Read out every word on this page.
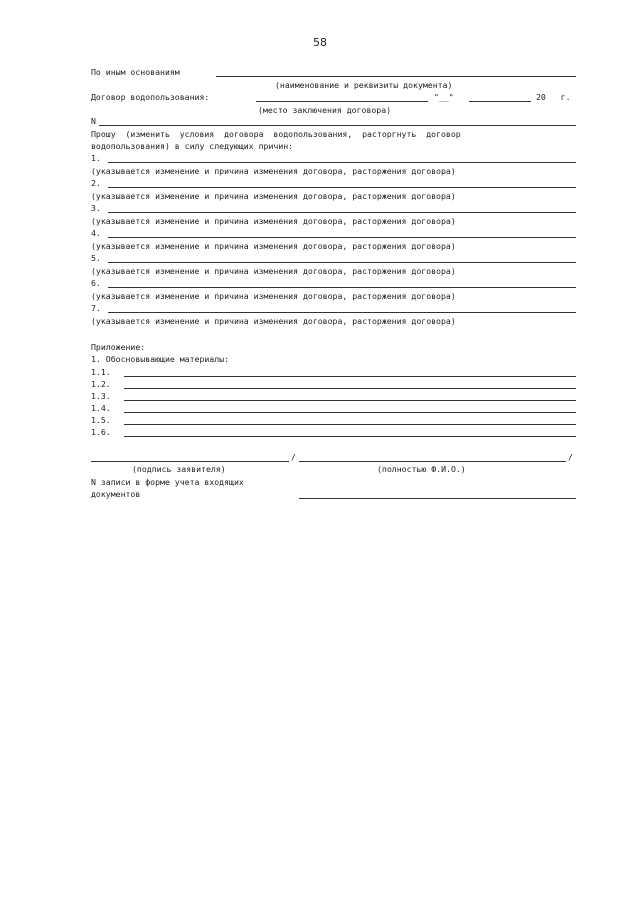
58
По иным основаниям
(наименование и реквизиты документа)
Договор водопользования:	"__"	20   г.
(место заключения договора)
N
Прошу  (изменить  условия  договора  водопользования,  расторгнуть  договор
водопользования) в силу следующих причин:
1.
(указывается изменение и причина изменения договора, расторжения договора)
2.
(указывается изменение и причина изменения договора, расторжения договора)
3.
(указывается изменение и причина изменения договора, расторжения договора)
4.
(указывается изменение и причина изменения договора, расторжения договора)
5.
(указывается изменение и причина изменения договора, расторжения договора)
6.
(указывается изменение и причина изменения договора, расторжения договора)
7.
(указывается изменение и причина изменения договора, расторжения договора)
Приложение:
1. Обосновывающие материалы:
1.1.
1.2.
1.3.
1.4.
1.5.
1.6.
/	/
(подпись заявителя)	(полностью Ф.И.О.)
N записи в форме учета входящих
документов
